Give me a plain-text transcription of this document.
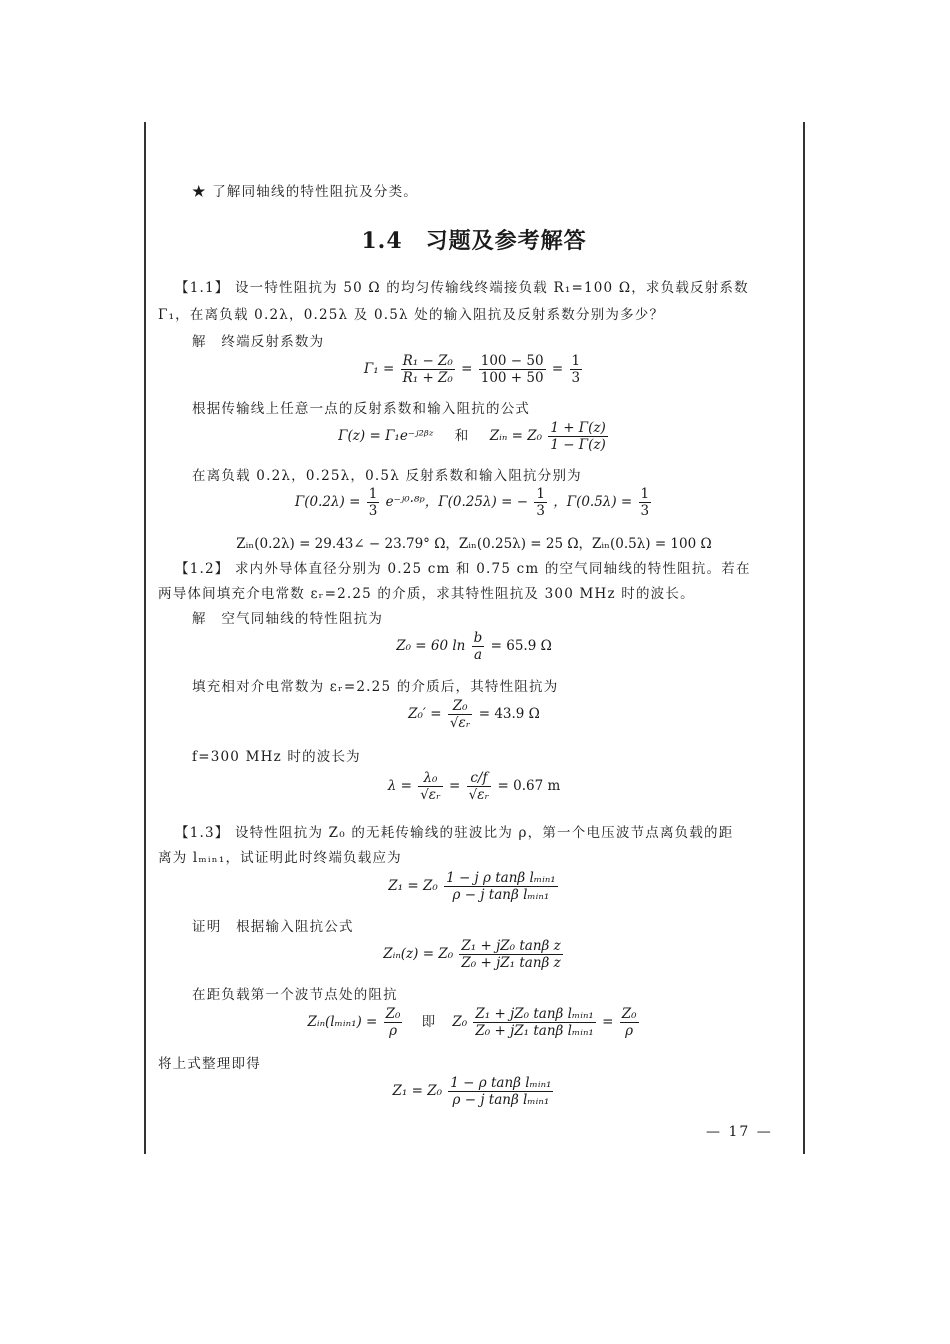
★ 了解同轴线的特性阻抗及分类。
1.4　习题及参考解答
【1.1】 设一特性阻抗为 50 Ω 的均匀传输线终端接负载 R₁=100 Ω，求负载反射系数
Γ₁，在离负载 0.2λ，0.25λ 及 0.5λ 处的输入阻抗及反射系数分别为多少？
解　终端反射系数为
$\Gamma_1 = \frac{\text{R₁ − Z₀}}{\text{R₁ + Z₀}} = \frac{100 - 50}{100 + 50} = \frac{1}{3}$
根据传输线上任意一点的反射系数和输入阻抗的公式
Γ(z) = Γ₁e⁻ʲ²ᵝᶻ 和 Zᵢₙ = $Z_0 \frac{1 + \Gamma(z)}{1 - \Gamma(z)}$
在离负载 0.2λ，0.25λ，0.5λ 反射系数和输入阻抗分别为
$\Gamma(0.2\lambda) = \frac{1}{3}$ e⁻ʲ⁰·⁸ᵖ，Γ(0.25λ) = − $\frac{1}{3}$ ，$\Gamma(0.5\lambda) = \frac{1}{3}$
Zᵢₙ(0.2λ) = 29.43∠ − 23.79° Ω，Zᵢₙ(0.25λ) = 25 Ω，Zᵢₙ(0.5λ) = 100 Ω
【1.2】 求内外导体直径分别为 0.25 cm 和 0.75 cm 的空气同轴线的特性阻抗。若在
两导体间填充介电常数 εᵣ=2.25 的介质，求其特性阻抗及 300 MHz 时的波长。
解　空气同轴线的特性阻抗为
Z₀ = 60 $\ln \frac{b}{a} = 65.9$ Ω
填充相对介电常数为 εᵣ=2.25 的介质后，其特性阻抗为
$Z_0' = \frac{\text{Z₀}}{\text{√εᵣ}} = 43.9$ Ω
f=300 MHz 时的波长为
$\lambda = \frac{\text{λ₀}}{\text{√εᵣ}} = \frac{c/f}{\text{√εᵣ}} = 0.67$ m
【1.3】 设特性阻抗为 Z₀ 的无耗传输线的驻波比为 ρ，第一个电压波节点离负载的距
离为 lₘᵢₙ₁，试证明此时终端负载应为
$Z_1 = Z_0 \frac{\text{1 − j ρ tanβ lₘᵢₙ₁}}{\text{ρ − j tanβ lₘᵢₙ₁}}$
证明　根据输入阻抗公式
Zᵢₙ(z) = $Z_0 \frac{\text{Z₁ + jZ₀ tanβ z}}{\text{Z₀ + jZ₁ tanβ z}}$
在距负载第一个波节点处的阻抗
Zᵢₙ(lₘᵢₙ₁) = $\frac{\text{Z₀}}{\rho}$ 即 $Z_0 \frac{\text{Z₁ + jZ₀ tanβ lₘᵢₙ₁}}{\text{Z₀ + jZ₁ tanβ lₘᵢₙ₁}} = \frac{\text{Z₀}}{\rho}$
将上式整理即得
$Z_1 = Z_0 \frac{\text{1 − ρ tanβ lₘᵢₙ₁}}{\text{ρ − j tanβ lₘᵢₙ₁}}$
— 17 —
